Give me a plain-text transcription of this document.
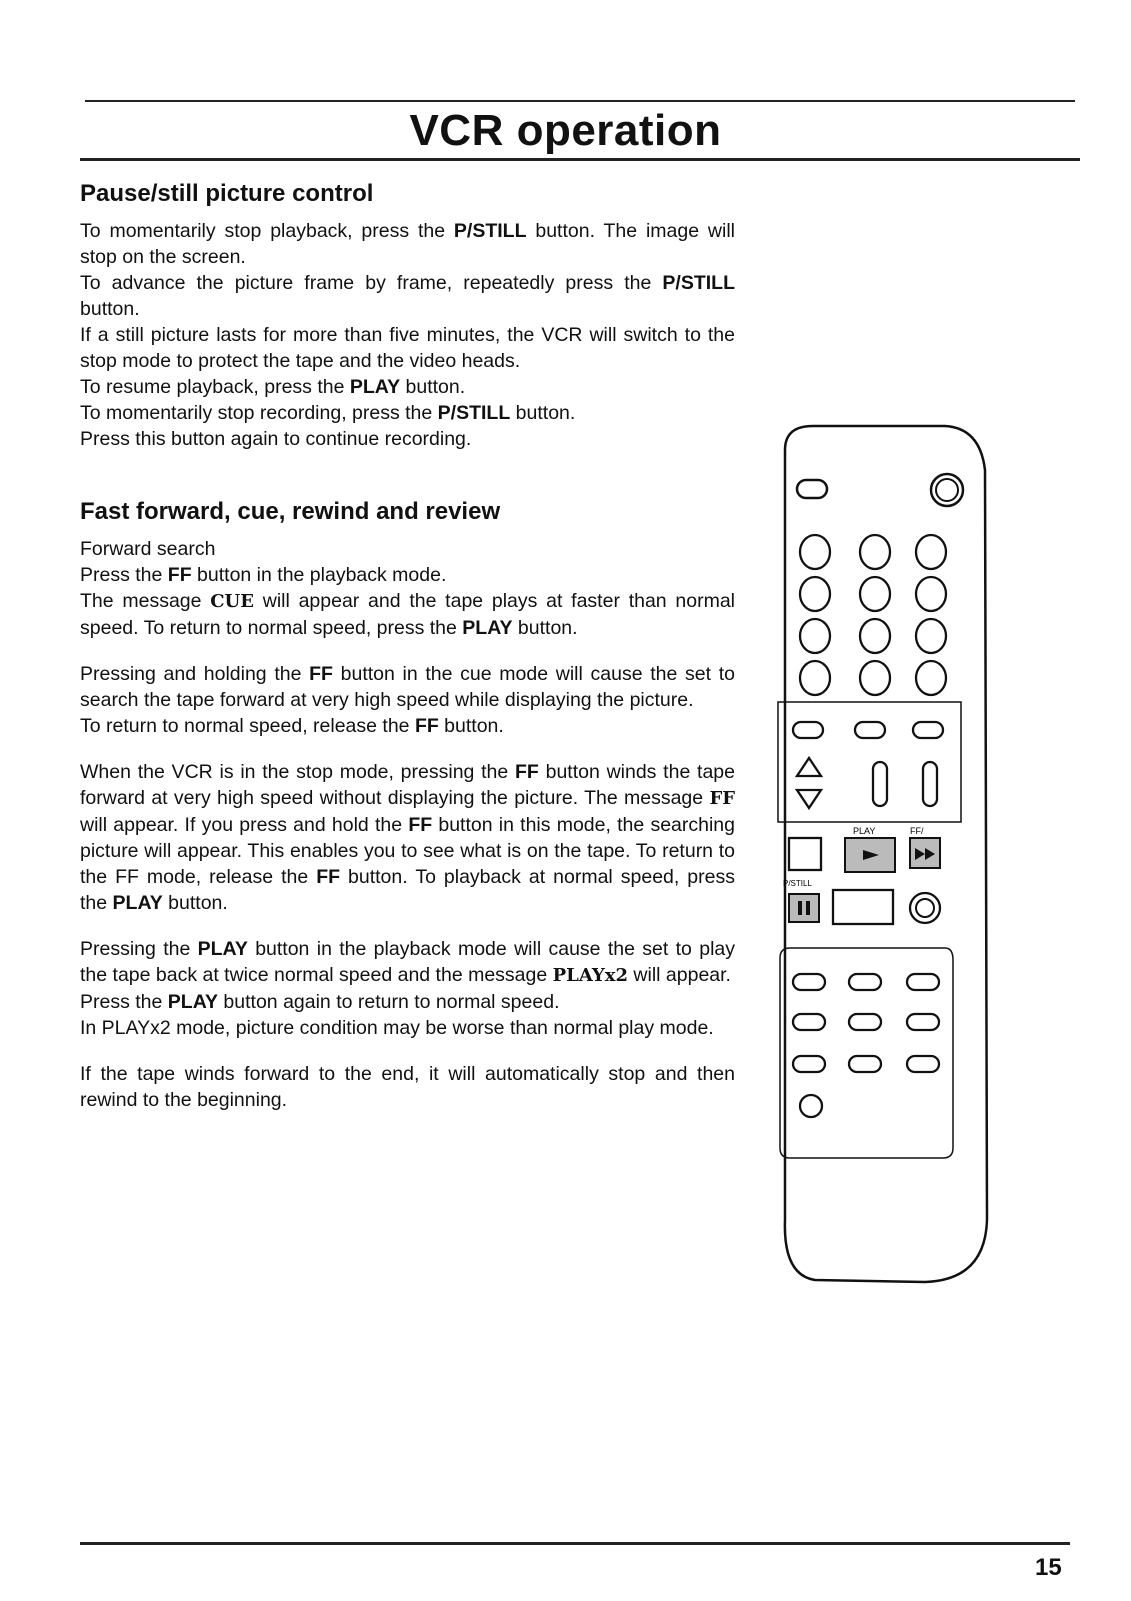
VCR operation
Pause/still picture control

To momentarily stop playback, press the P/STILL button. The image will stop on the screen.

To advance the picture frame by frame, repeatedly press the P/STILL button.

If a still picture lasts for more than five minutes, the VCR will switch to the stop mode to protect the tape and the video heads.

To resume playback, press the PLAY button.

To momentarily stop recording, press the P/STILL button.

Press this button again to continue recording.

Fast forward, cue, rewind and review

Forward search

Press the FF button in the playback mode.

The message CUE will appear and the tape plays at faster than normal speed. To return to normal speed, press the PLAY button.

Pressing and holding the FF button in the cue mode will cause the set to search the tape forward at very high speed while displaying the picture.

To return to normal speed, release the FF button.

When the VCR is in the stop mode, pressing the FF button winds the tape forward at very high speed without displaying the picture. The message FF will appear. If you press and hold the FF button in this mode, the searching picture will appear. This enables you to see what is on the tape. To return to the FF mode, release the FF button. To playback at normal speed, press the PLAY button.

Pressing the PLAY button in the playback mode will cause the set to play the tape back at twice normal speed and the message PLAYx2 will appear.

Press the PLAY button again to return to normal speed.

In PLAYx2 mode, picture condition may be worse than normal play mode.

If the tape winds forward to the end, it will automatically stop and then rewind to the beginning.

PLAY	FF/
P/STILL
15
